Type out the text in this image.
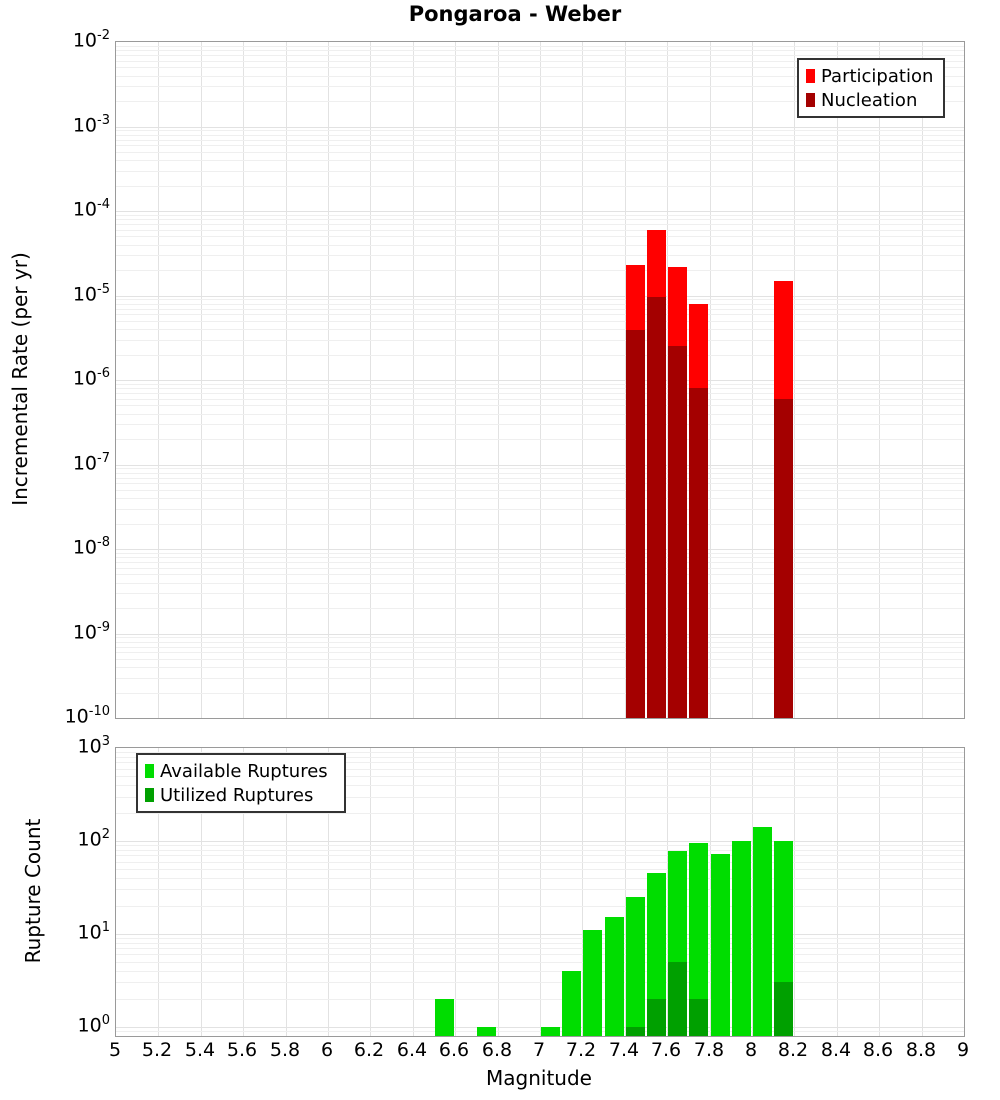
Pongaroa - Weber
Incremental Rate (per yr)
Rupture Count
Participation
Nucleation
Available Ruptures
Utilized Ruptures
Magnitude
$10^{-2}$
$10^{-3}$
$10^{-4}$
$10^{-5}$
$10^{-6}$
$10^{-7}$
$10^{-8}$
$10^{-9}$
$10^{-10}$
$10^3$
$10^2$
$10^1$
$10^0$
5 5.2 5.4 5.6 5.8 6 6.2 6.4 6.6 6.8 7 7.2 7.4 7.6 7.8 8 8.2 8.4 8.6 8.8 9
